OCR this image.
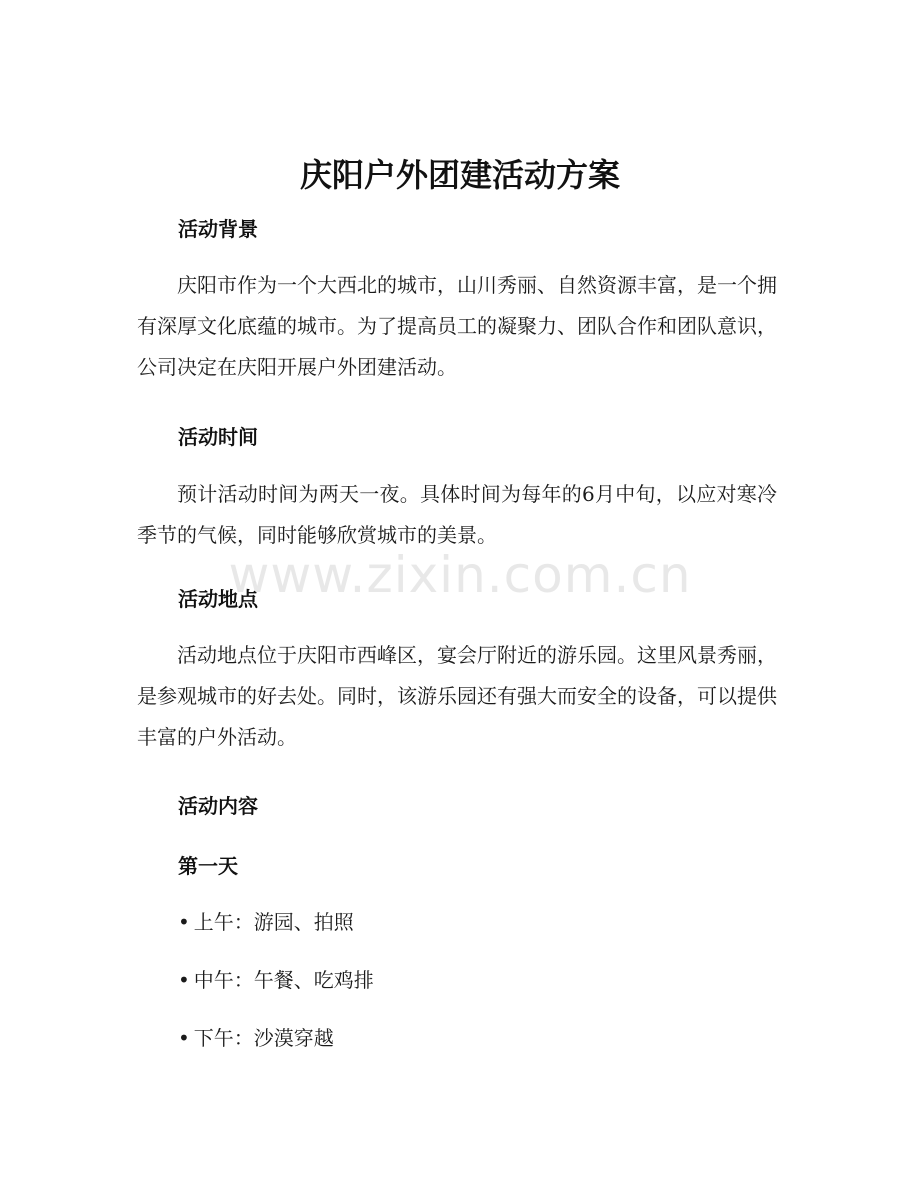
庆阳户外团建活动方案
活动背景

庆阳市作为一个大西北的城市，山川秀丽、自然资源丰富，是一个拥有深厚文化底蕴的城市。为了提高员工的凝聚力、团队合作和团队意识，公司决定在庆阳开展户外团建活动。

活动时间

预计活动时间为两天一夜。具体时间为每年的6月中旬，以应对寒冷季节的气候，同时能够欣赏城市的美景。

活动地点

活动地点位于庆阳市西峰区，宴会厅附近的游乐园。这里风景秀丽，是参观城市的好去处。同时，该游乐园还有强大而安全的设备，可以提供丰富的户外活动。

活动内容
第一天

• 上午：游园、拍照

• 中午：午餐、吃鸡排

• 下午：沙漠穿越

www.zixin.com.cn
